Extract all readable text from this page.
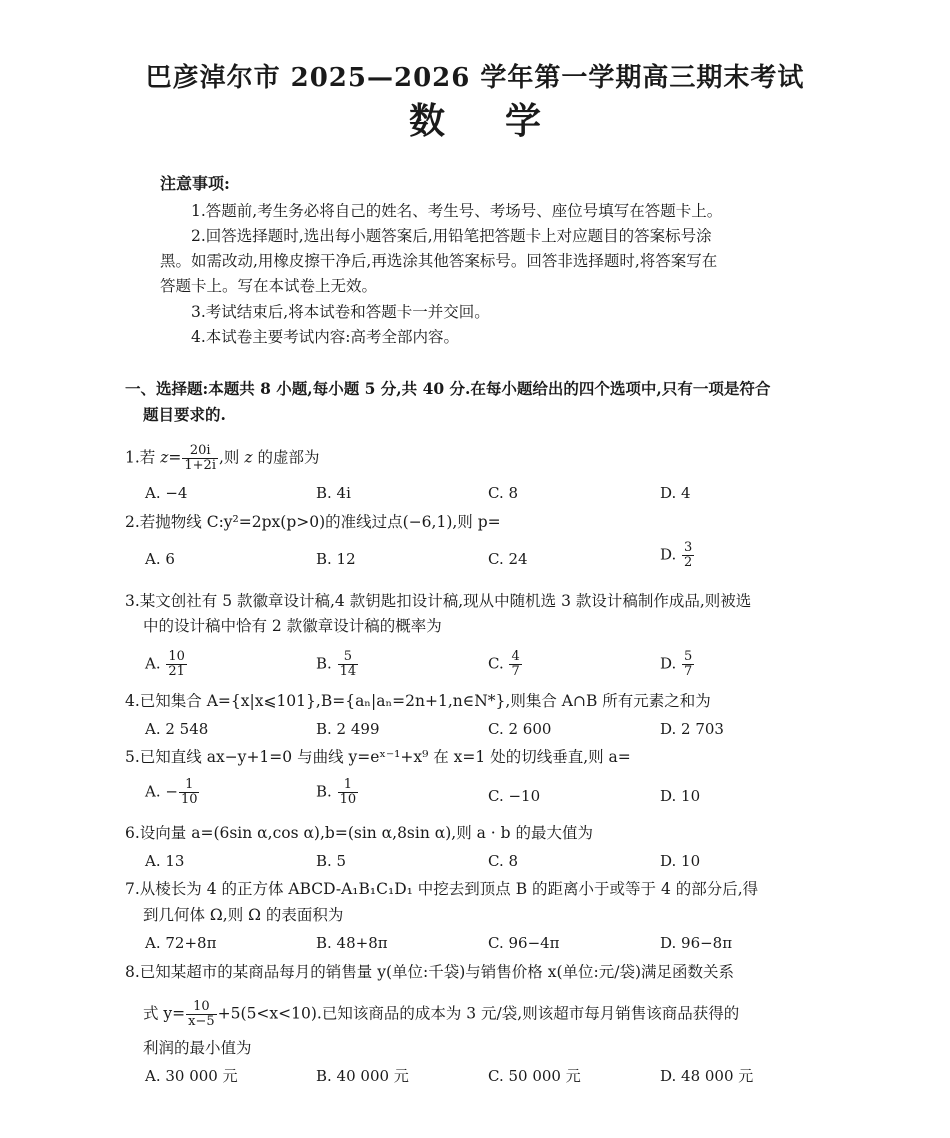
巴彦淖尔市 2025—2026 学年第一学期高三期末考试
数学
注意事项:
1.答题前,考生务必将自己的姓名、考生号、考场号、座位号填写在答题卡上。
2.回答选择题时,选出每小题答案后,用铅笔把答题卡上对应题目的答案标号涂
黑。如需改动,用橡皮擦干净后,再选涂其他答案标号。回答非选择题时,将答案写在
答题卡上。写在本试卷上无效。
3.考试结束后,将本试卷和答题卡一并交回。
4.本试卷主要考试内容:高考全部内容。
一、选择题:本题共 8 小题,每小题 5 分,共 40 分.在每小题给出的四个选项中,只有一项是符合
题目要求的.
1.若 $z= \frac{20i}{1+2i}$ ,则 z 的虚部为
A. −4	B. 4i	C. 8	D. 4
2.若抛物线 C:y²=2px(p>0)的准线过点(−6,1),则 p=
A. 6	B. 12	C. 24	D. $\frac{3}{2}$
3.某文创社有 5 款徽章设计稿,4 款钥匙扣设计稿,现从中随机选 3 款设计稿制作成品,则被选
中的设计稿中恰有 2 款徽章设计稿的概率为
A. $\frac{10}{21}$	B. $\frac{5}{14}$	C. $\frac{4}{7}$	D. $\frac{5}{7}$
4.已知集合 A={x|x⩽101},B={aₙ|aₙ=2n+1,n∈N*},则集合 A∩B 所有元素之和为
A. 2 548	B. 2 499	C. 2 600	D. 2 703
5.已知直线 ax−y+1=0 与曲线 y=eˣ⁻¹+x⁹ 在 x=1 处的切线垂直,则 a=
A. − $\frac{1}{10}$	B. $\frac{1}{10}$	C. −10	D. 10
6.设向量 a=(6sin α,cos α),b=(sin α,8sin α),则 a · b 的最大值为
A. 13	B. 5	C. 8	D. 10
7.从棱长为 4 的正方体 ABCD-A₁B₁C₁D₁ 中挖去到顶点 B 的距离小于或等于 4 的部分后,得
到几何体 Ω,则 Ω 的表面积为
A. 72+8π	B. 48+8π	C. 96−4π	D. 96−8π
8.已知某超市的某商品每月的销售量 y(单位:千袋)与销售价格 x(单位:元/袋)满足函数关系
式 $y= \frac{10}{x-5} +5(5<x<10)$.已知该商品的成本为 3 元/袋,则该超市每月销售该商品获得的
利润的最小值为
A. 30 000 元	B. 40 000 元	C. 50 000 元	D. 48 000 元
